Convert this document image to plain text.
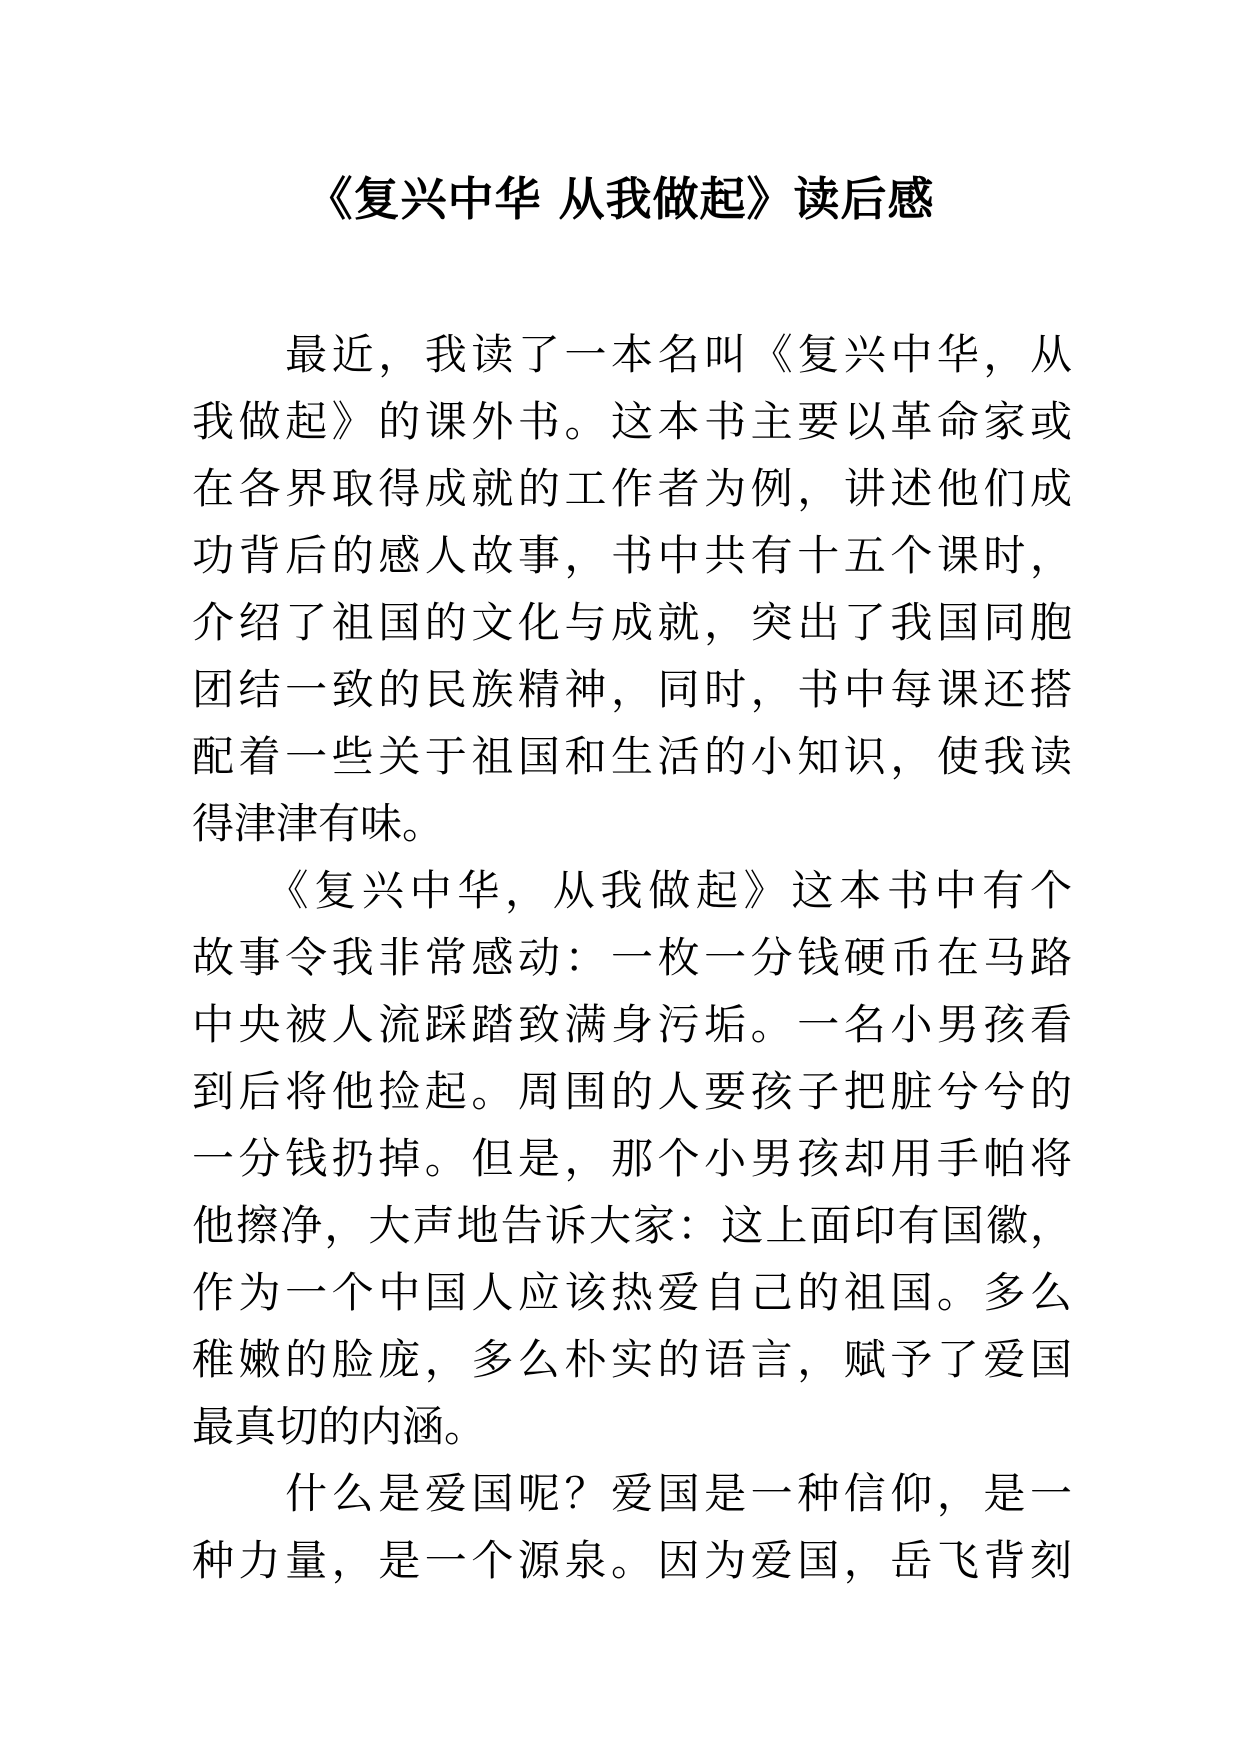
《复兴中华 从我做起》读后感
　　最近，我读了一本名叫《复兴中华，从
我做起》的课外书。这本书主要以革命家或
在各界取得成就的工作者为例，讲述他们成
功背后的感人故事，书中共有十五个课时，
介绍了祖国的文化与成就，突出了我国同胞
团结一致的民族精神，同时，书中每课还搭
配着一些关于祖国和生活的小知识，使我读
得津津有味。
　　《复兴中华，从我做起》这本书中有个
故事令我非常感动：一枚一分钱硬币在马路
中央被人流踩踏致满身污垢。一名小男孩看
到后将他捡起。周围的人要孩子把脏兮兮的
一分钱扔掉。但是，那个小男孩却用手帕将
他擦净，大声地告诉大家：这上面印有国徽，
作为一个中国人应该热爱自己的祖国。多么
稚嫩的脸庞，多么朴实的语言，赋予了爱国
最真切的内涵。
　　什么是爱国呢？爱国是一种信仰，是一
种力量，是一个源泉。因为爱国，岳飞背刻
